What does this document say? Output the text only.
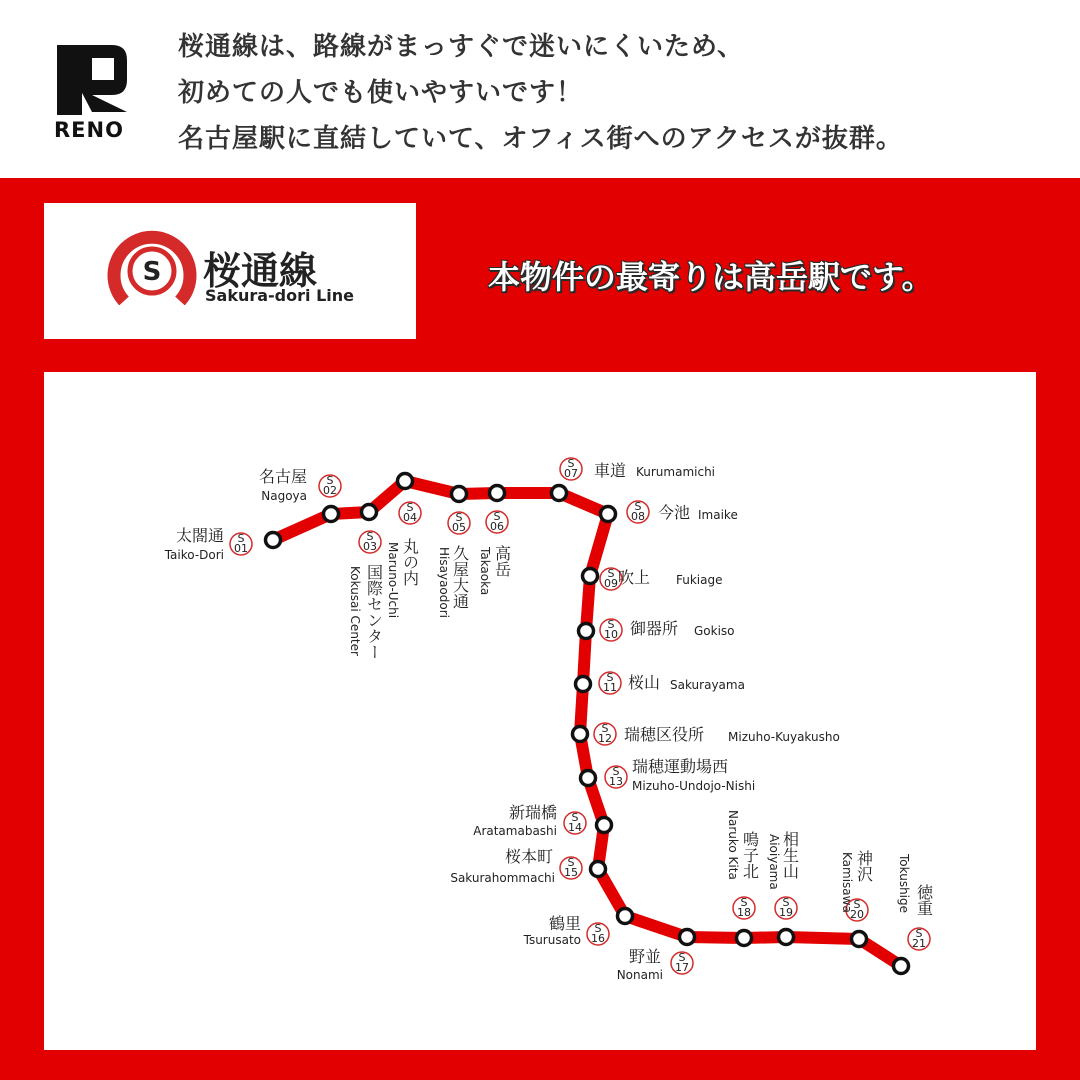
RENO
桜通線は、路線がまっすぐで迷いにくいため、
初めての人でも使いやすいです！
名古屋駅に直結していて、オフィス街へのアクセスが抜群。
S 桜通線
Sakura-dori Line	本物件の最寄りは高岳駅です。
S
01
太閤通
Taiko-Dori
S
02
名古屋
Nagoya
S
03
国際センター
Kokusai Center
S
04
丸の内
Maruno-Uchi
S
05
久屋大通
Hisayaodori
S
06
高岳
Takaoka
S
07 車道 Kurumamichi
S
08 今池 Imaike
S
09 吹上 Fukiage
S
10 御器所 Gokiso
S
11 桜山 Sakurayama
S
12 瑞穂区役所 Mizuho-Kuyakusho
S
13
瑞穂運動場西
Mizuho-Undojo-Nishi
S
14
新瑞橋
Aratamabashi
S
15
桜本町
Sakurahommachi
S
16
鶴里
Tsurusato
S
17
野並
Nonami
S
18
鳴子北
Naruko Kita
S
19
相生山
Aioiyama
S
20
神沢
Kamisawa
S
21
徳重
Tokushige
